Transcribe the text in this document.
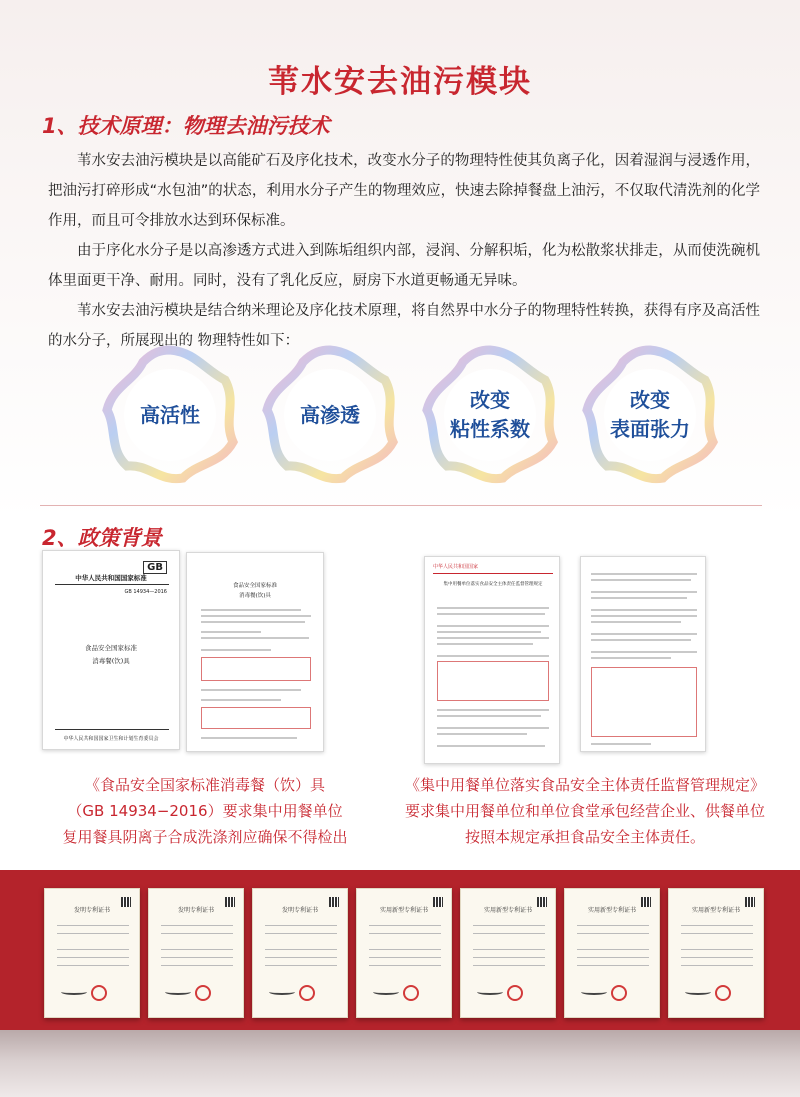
苇水安去油污模块
1、技术原理：物理去油污技术
苇水安去油污模块是以高能矿石及序化技术，改变水分子的物理特性使其负离子化，因着湿润与浸透作用，把油污打碎形成“水包油”的状态，利用水分子产生的物理效应，快速去除掉餐盘上油污，不仅取代清洗剂的化学作用，而且可令排放水达到环保标准。
由于序化水分子是以高渗透方式进入到陈垢组织内部，浸润、分解积垢，化为松散浆状排走，从而使洗碗机体里面更干净、耐用。同时，没有了乳化反应，厨房下水道更畅通无异味。
苇水安去油污模块是结合纳米理论及序化技术原理，将自然界中水分子的物理特性转换，获得有序及高活性的水分子，所展现出的 物理特性如下：
高活性	高渗透
改变
粘性系数
改变
表面张力
2、政策背景
中华人民共和国国家标准
GB
GB 14934—2016
食品安全国家标准
消毒餐(饮)具
中华人民共和国国家卫生和计划生育委员会
食品安全国家标准
消毒餐(饮)具
中华人民共和国国家
集中用餐单位落实食品安全主体责任监督管理规定
《食品安全国家标准消毒餐（饮）具
（GB 14934−2016）要求集中用餐单位
复用餐具阴离子合成洗涤剂应确保不得检出
《集中用餐单位落实食品安全主体责任监督管理规定》
要求集中用餐单位和单位食堂承包经营企业、供餐单位
按照本规定承担食品安全主体责任。
发明专利证书	发明专利证书	发明专利证书	实用新型专利证书	实用新型专利证书	实用新型专利证书	实用新型专利证书
